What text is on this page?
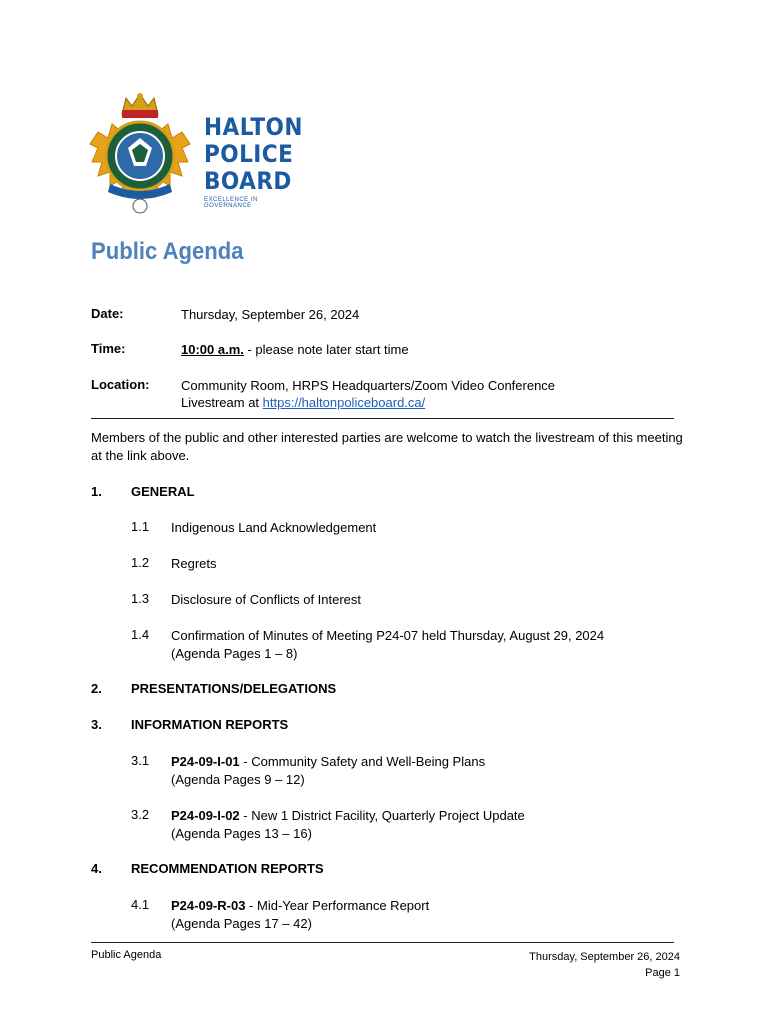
HALTON
POLICE
BOARD
EXCELLENCE IN GOVERNANCE
Public Agenda
Date:	Thursday, September 26, 2024
Time:	10:00 a.m. - please note later start time
Location: Community Room, HRPS Headquarters/Zoom Video Conference
Livestream at https://haltonpoliceboard.ca/
Members of the public and other interested parties are welcome to watch the livestream of this meeting at the link above.
1. GENERAL
1.1 Indigenous Land Acknowledgement
1.2 Regrets
1.3 Disclosure of Conflicts of Interest
1.4 Confirmation of Minutes of Meeting P24-07 held Thursday, August 29, 2024
(Agenda Pages 1 – 8)
2. PRESENTATIONS/DELEGATIONS
3. INFORMATION REPORTS
3.1 P24-09-I-01 - Community Safety and Well-Being Plans
(Agenda Pages 9 – 12)
3.2 P24-09-I-02 - New 1 District Facility, Quarterly Project Update
(Agenda Pages 13 – 16)
4. RECOMMENDATION REPORTS
4.1 P24-09-R-03 - Mid-Year Performance Report
(Agenda Pages 17 – 42)
Public Agenda	Thursday, September 26, 2024
Page 1
